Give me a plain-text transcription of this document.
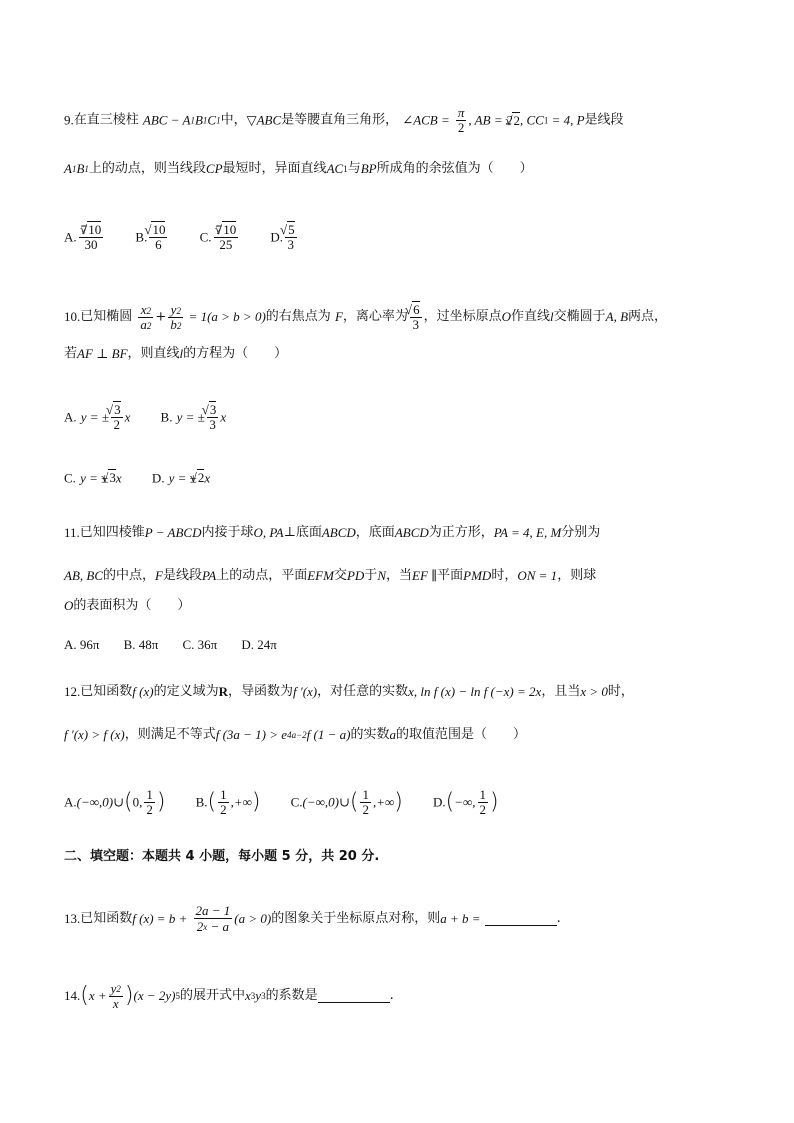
9.在直三棱柱 ABC − A1B1C1中，▽ABC是等腰直角三角形， ∠ACB = $\frac{\pi}{2}$ , AB = 2√ 2, CC1 = 4, P是线段
A1B1上的动点，则当线段CP最短时，异面直线AC1与BP所成角的余弦值为（　　）
A. $\frac{7√ 10}{30} B$. √ $\frac{10}{6} C$. $\frac{7√ 10}{25} D$. √ $\frac{5}{3}$
10.已知椭圆 $\frac{x2}{a2} + \frac{y2}{b2} = 1(a > b > 0)$的右焦点为 F，离心率为 √ $\frac{6}{3}$ ，过坐标原点O作直线l交椭圆于A, B两点，
若AF ⊥ BF，则直线l的方程为（　　）
A. y = ± √ $\frac{3}{2}$ x B. y = ± √ $\frac{3}{3}$ x
C. y = ±√ 3x D. y = ±√ 2x
11.已知四棱锥P − ABCD内接于球O, PA⊥底面ABCD，底面ABCD为正方形，PA = 4, E, M分别为
AB, BC的中点，F是线段PA上的动点，平面EFM交PD于N，当EF ∥平面PMD时，ON = 1，则球
O的表面积为（　　）
A. 96π B. 48π C. 36π D. 24π
12.已知函数f (x)的定义域为R，导函数为f ′(x)，对任意的实数x, ln f (x) − ln f (−x) = 2x，且当x > 0时，
f ′(x) > f (x)，则满足不等式f (3a − 1) > e4a−2f (1 − a)的实数a的取值范围是（　　）
A.(−∞,0)∪(0, $\frac{1}{2}$ ) $B.( \frac{1}{2}$ ,+∞) C.(−∞,0)∪( $\frac{1}{2}$ ,+∞) D.(−∞, $\frac{1}{2}$ )
二、填空题：本题共 4 小题，每小题 5 分，共 20 分.
13.已知函数f $(x) = b + \frac{2a - 1}{2x - a} (a > 0)$的图象关于坐标原点对称，则a + b =	.
$14.(x + \frac{y2}{x} )(x - 2y)5$的展开式中x3y3的系数是	.
